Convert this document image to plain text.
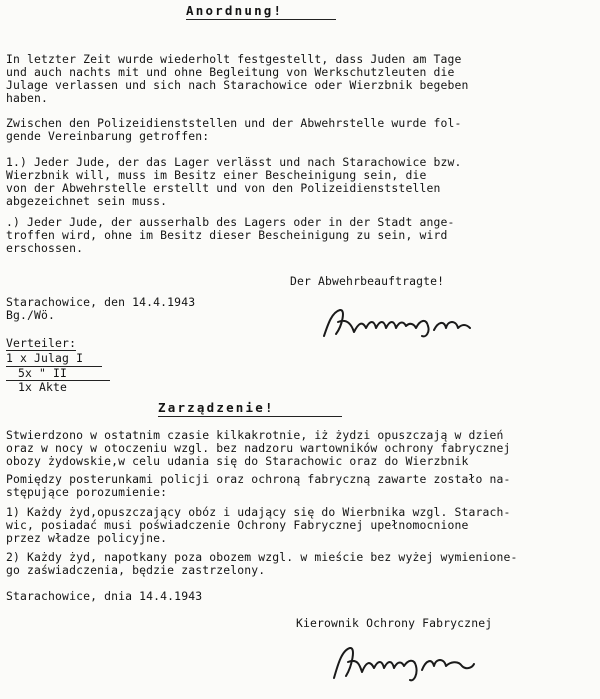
Anordnung!
In letzter Zeit wurde wiederholt festgestellt, dass Juden am Tage
und auch nachts mit und ohne Begleitung von Werkschutzleuten die
Julage verlassen und sich nach Starachowice oder Wierzbnik begeben
haben.
Zwischen den Polizeidienststellen und der Abwehrstelle wurde fol-
gende Vereinbarung getroffen:
1.) Jeder Jude, der das Lager verlässt und nach Starachowice bzw.
Wierzbnik will, muss im Besitz einer Bescheinigung sein, die
von der Abwehrstelle erstellt und von den Polizeidienststellen
abgezeichnet sein muss.
.) Jeder Jude, der ausserhalb des Lagers oder in der Stadt ange-
troffen wird, ohne im Besitz dieser Bescheinigung zu sein, wird
erschossen.
Der Abwehrbeauftragte!
Starachowice, den 14.4.1943
Bg./Wö.
Verteiler:
1 x Julag I
5x " II
1x Akte
Zarządzenie!
Stwierdzono w ostatnim czasie kilkakrotnie, iż żydzi opuszczają w dzień
oraz w nocy w otoczeniu wzgl. bez nadzoru wartowników ochrony fabrycznej
obozy żydowskie,w celu udania się do Starachowic oraz do Wierzbnik
Pomiędzy posterunkami policji oraz ochroną fabryczną zawarte zostało na-
stępujące porozumienie:
1) Każdy żyd,opuszczający obóz i udający się do Wierbnika wzgl. Starach-
wic, posiadać musi poświadczenie Ochrony Fabrycznej upełnomocnione
przez władze policyjne.
2) Każdy żyd, napotkany poza obozem wzgl. w mieście bez wyżej wymienione-
go zaświadczenia, będzie zastrzelony.
Starachowice, dnia 14.4.1943
Kierownik Ochrony Fabrycznej
